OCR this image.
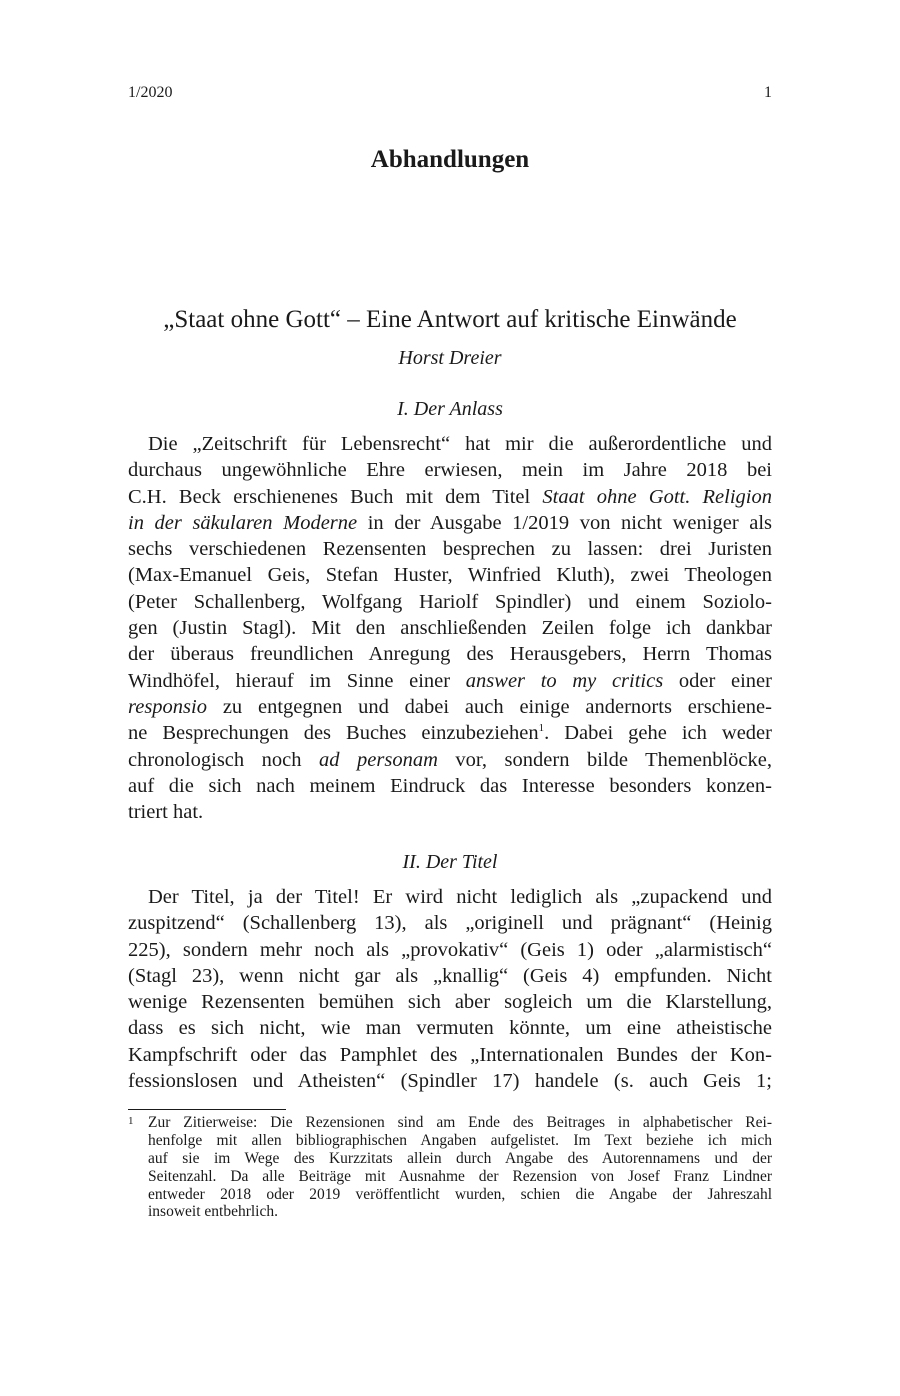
1/2020	1
Abhandlungen
„Staat ohne Gott“ – Eine Antwort auf kritische Einwände
Horst Dreier
I. Der Anlass
Die „Zeitschrift für Lebensrecht“ hat mir die außerordentliche und
durchaus ungewöhnliche Ehre erwiesen, mein im Jahre 2018 bei
C.H. Beck erschienenes Buch mit dem Titel Staat ohne Gott. Religion
in der säkularen Moderne in der Ausgabe 1/2019 von nicht weniger als
sechs verschiedenen Rezensenten besprechen zu lassen: drei Juristen
(Max-Emanuel Geis, Stefan Huster, Winfried Kluth), zwei Theologen
(Peter Schallenberg, Wolfgang Hariolf Spindler) und einem Soziolo-
gen (Justin Stagl). Mit den anschließenden Zeilen folge ich dankbar
der überaus freundlichen Anregung des Herausgebers, Herrn Thomas
Windhöfel, hierauf im Sinne einer answer to my critics oder einer
responsio zu entgegnen und dabei auch einige andernorts erschiene-
ne Besprechungen des Buches einzubeziehen$^1$. Dabei gehe ich weder
chronologisch noch ad personam vor, sondern bilde Themenblöcke,
auf die sich nach meinem Eindruck das Interesse besonders konzen-
triert hat.
II. Der Titel
Der Titel, ja der Titel! Er wird nicht lediglich als „zupackend und
zuspitzend“ (Schallenberg 13), als „originell und prägnant“ (Heinig
225), sondern mehr noch als „provokativ“ (Geis 1) oder „alarmistisch“
(Stagl 23), wenn nicht gar als „knallig“ (Geis 4) empfunden. Nicht
wenige Rezensenten bemühen sich aber sogleich um die Klarstellung,
dass es sich nicht, wie man vermuten könnte, um eine atheistische
Kampfschrift oder das Pamphlet des „Internationalen Bundes der Kon-
fessionslosen und Atheisten“ (Spindler 17) handele (s. auch Geis 1;
1 Zur Zitierweise: Die Rezensionen sind am Ende des Beitrages in alphabetischer Rei-
henfolge mit allen bibliographischen Angaben aufgelistet. Im Text beziehe ich mich
auf sie im Wege des Kurzzitats allein durch Angabe des Autorennamens und der
Seitenzahl. Da alle Beiträge mit Ausnahme der Rezension von Josef Franz Lindner
entweder 2018 oder 2019 veröffentlicht wurden, schien die Angabe der Jahreszahl
insoweit entbehrlich.
